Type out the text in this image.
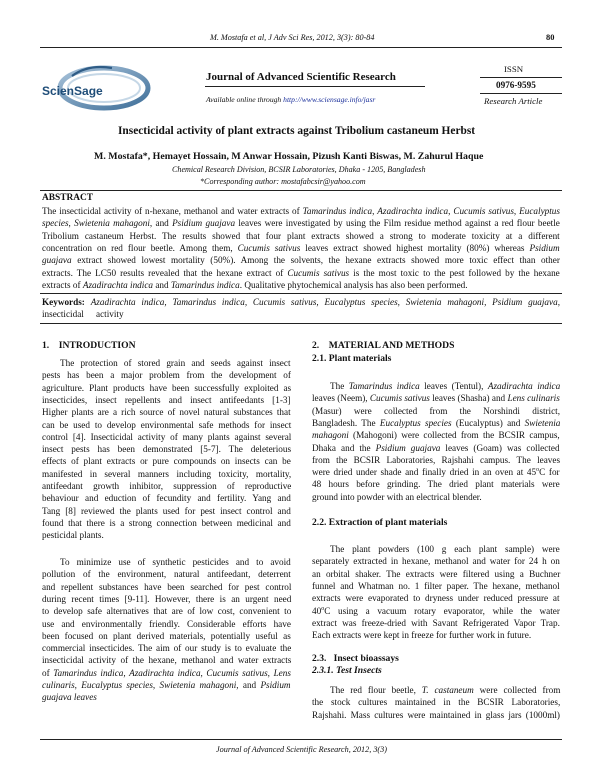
M. Mostafa et al, J Adv Sci Res, 2012, 3(3): 80-84	80
ScienSage
Journal of Advanced Scientific Research
Available online through http://www.sciensage.info/jasr
ISSN
0976-9595
Research Article
Insecticidal activity of plant extracts against Tribolium castaneum Herbst
M. Mostafa*, Hemayet Hossain, M Anwar Hossain, Pizush Kanti Biswas, M. Zahurul Haque
Chemical Research Division, BCSIR Laboratories, Dhaka - 1205, Bangladesh
*Corresponding author: mostafabcsir@yahoo.com
ABSTRACT
The insecticidal activity of n-hexane, methanol and water extracts of Tamarindus indica, Azadirachta indica, Cucumis sativus, Eucalyptus
species, Swietenia mahagoni, and Psidium guajava leaves were investigated by using the Film residue method against a red flour beetle
Tribolium castaneum Herbst. The results showed that four plant extracts showed a strong to moderate toxicity at a different
concentration on red flour beetle. Among them, Cucumis sativus leaves extract showed highest mortality (80%) whereas Psidium
guajava extract showed lowest mortality (50%). Among the solvents, the hexane extracts showed more toxic effect than other
extracts. The LC50 results revealed that the hexane extract of Cucumis sativus is the most toxic to the pest followed by the hexane
extracts of Azadirachta indica and Tamarindus indica. Qualitative phytochemical analysis has also been performed.
Keywords: Azadirachta indica, Tamarindus indica, Cucumis sativus, Eucalyptus species, Swietenia mahagoni, Psidium guajava, insecticidal	activity
1.    INTRODUCTION
The protection of stored grain and seeds against insect
pests has been a major problem from the development of
agriculture. Plant products have been successfully exploited as
insecticides, insect repellents and insect antifeedants [1-3]
Higher plants are a rich source of novel natural substances that
can be used to develop environmental safe methods for insect
control [4]. Insecticidal activity of many plants against several
insect pests has been demonstrated [5-7]. The deleterious
effects of plant extracts or pure compounds on insects can be
manifested in several manners including toxicity, mortality,
antifeedant growth inhibitor, suppression of reproductive
behaviour and eduction of fecundity and fertility. Yang and
Tang [8] reviewed the plants used for pest insect control and
found that there is a strong connection between medicinal and
pesticidal plants.
To minimize use of synthetic pesticides and to avoid
pollution of the environment, natural antifeedant, deterrent
and repellent substances have been searched for pest control
during recent times [9-11]. However, there is an urgent need
to develop safe alternatives that are of low cost, convenient to
use and environmentally friendly. Considerable efforts have
been focused on plant derived materials, potentially useful as
commercial insecticides. The aim of our study is to evaluate the
insecticidal activity of the hexane, methanol and water extracts
of Tamarindus indica, Azadirachta indica, Cucumis sativus, Lens
culinaris, Eucalyptus species, Swietenia mahagoni, and Psidium
guajava leaves
2.    MATERIAL AND METHODS
2.1. Plant materials
The Tamarindus indica leaves (Tentul), Azadirachta indica
leaves (Neem), Cucumis sativus leaves (Shasha) and Lens culinaris
(Masur) were collected from the Norshindi district,
Bangladesh. The Eucalyptus species (Eucalyptus) and Swietenia
mahagoni (Mahogoni) were collected from the BCSIR campus,
Dhaka and the Psidium guajava leaves (Goam) was collected
from the BCSIR Laboratories, Rajshahi campus. The leaves
were dried under shade and finally dried in an oven at 45$^o$C for
48 hours before grinding. The dried plant materials were
ground into powder with an electrical blender.
2.2. Extraction of plant materials
The plant powders (100 g each plant sample) were
separately extracted in hexane, methanol and water for 24 h on
an orbital shaker. The extracts were filtered using a Buchner
funnel and Whatman no. 1 filter paper. The hexane, methanol
extracts were evaporated to dryness under reduced pressure at
40$^o$C using a vacuum rotary evaporator, while the water
extract was freeze-dried with Savant Refrigerated Vapor Trap.
Each extracts were kept in freeze for further work in future.
2.3.   Insect bioassays
2.3.1. Test Insects
The red flour beetle, T. castaneum were collected from
the stock cultures maintained in the BCSIR Laboratories,
Rajshahi. Mass cultures were maintained in glass jars (1000ml)
Journal of Advanced Scientific Research, 2012, 3(3)
